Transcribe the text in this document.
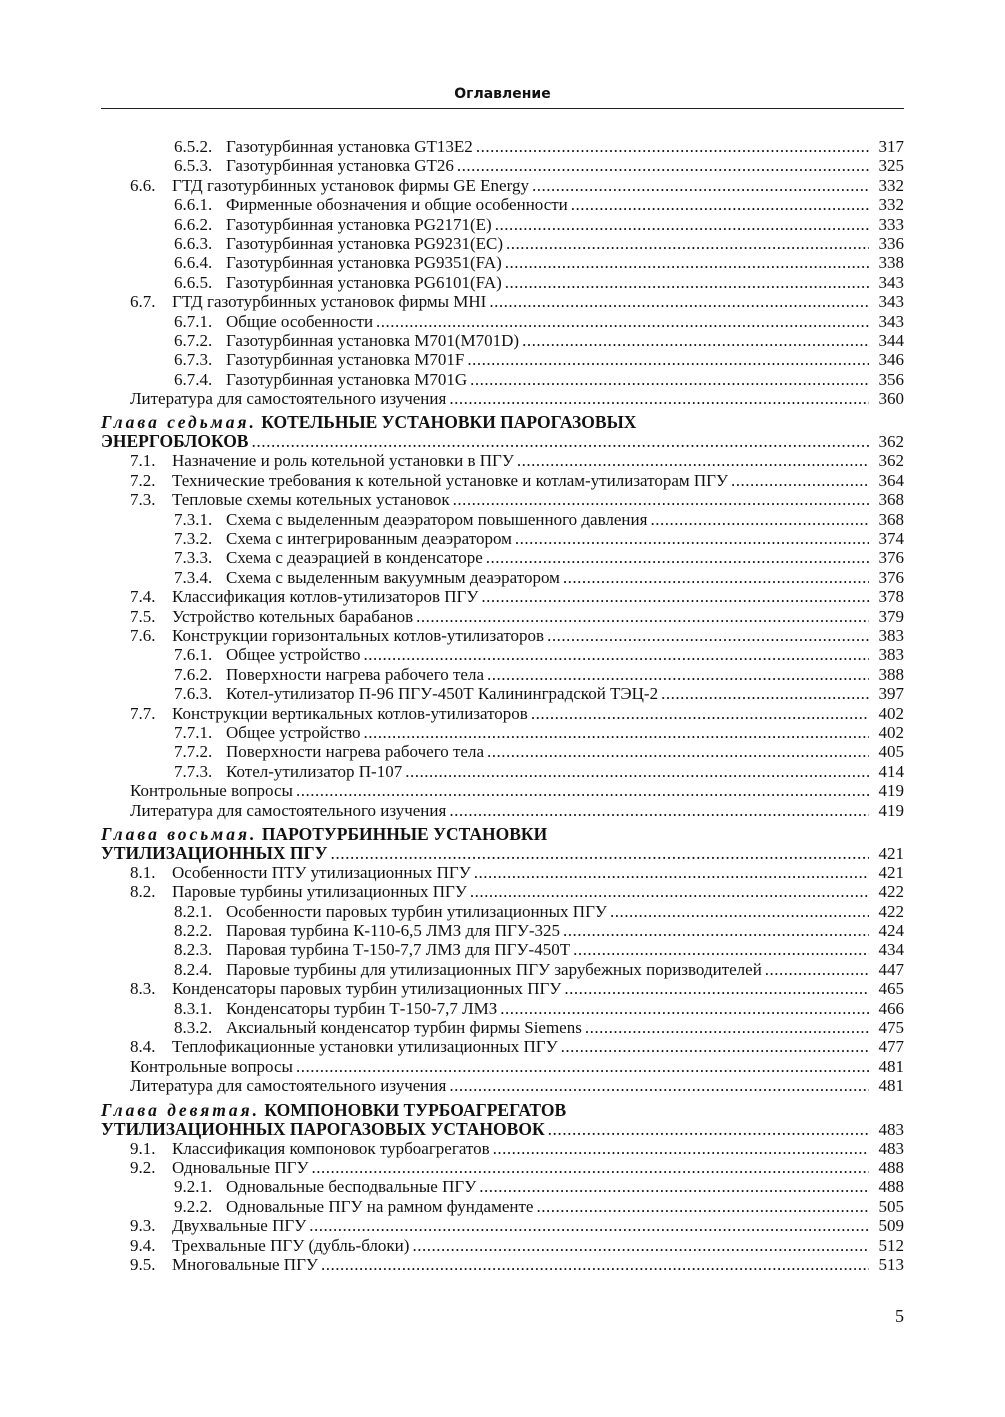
Оглавление
6.5.2. Газотурбинная установка GT13E2 .....	317
6.5.3. Газотурбинная установка GT26 .....	325
6.6. ГТД газотурбинных установок фирмы GE Energy .....	332
6.6.1. Фирменные обозначения и общие особенности .....	332
6.6.2. Газотурбинная установка PG2171(E) .....	333
6.6.3. Газотурбинная установка PG9231(EC) .....	336
6.6.4. Газотурбинная установка PG9351(FA) .....	338
6.6.5. Газотурбинная установка PG6101(FA) .....	343
6.7. ГТД газотурбинных установок фирмы MHI .....	343
6.7.1. Общие особенности .....	343
6.7.2. Газотурбинная установка M701(M701D) .....	344
6.7.3. Газотурбинная установка M701F .....	346
6.7.4. Газотурбинная установка M701G .....	356
Литература для самостоятельного изучения .....	360
Глава седьмая. КОТЕЛЬНЫЕ УСТАНОВКИ ПАРОГАЗОВЫХ
ЭНЕРГОБЛОКОВ .....	362
7.1. Назначение и роль котельной установки в ПГУ .....	362
7.2. Технические требования к котельной установке и котлам-утилизаторам ПГУ .....	364
7.3. Тепловые схемы котельных установок .....	368
7.3.1. Схема с выделенным деаэратором повышенного давления .....	368
7.3.2. Схема с интегрированным деаэратором .....	374
7.3.3. Схема с деаэрацией в конденсаторе .....	376
7.3.4. Схема с выделенным вакуумным деаэратором .....	376
7.4. Классификация котлов-утилизаторов ПГУ .....	378
7.5. Устройство котельных барабанов .....	379
7.6. Конструкции горизонтальных котлов-утилизаторов .....	383
7.6.1. Общее устройство .....	383
7.6.2. Поверхности нагрева рабочего тела .....	388
7.6.3. Котел-утилизатор П-96 ПГУ-450Т Калининградской ТЭЦ-2 .....	397
7.7. Конструкции вертикальных котлов-утилизаторов .....	402
7.7.1. Общее устройство .....	402
7.7.2. Поверхности нагрева рабочего тела .....	405
7.7.3. Котел-утилизатор П-107 .....	414
Контрольные вопросы .....	419
Литература для самостоятельного изучения .....	419
Глава восьмая. ПАРОТУРБИННЫЕ УСТАНОВКИ
УТИЛИЗАЦИОННЫХ ПГУ .....	421
8.1. Особенности ПТУ утилизационных ПГУ .....	421
8.2. Паровые турбины утилизационных ПГУ .....	422
8.2.1. Особенности паровых турбин утилизационных ПГУ .....	422
8.2.2. Паровая турбина К-110-6,5 ЛМЗ для ПГУ-325 .....	424
8.2.3. Паровая турбина Т-150-7,7 ЛМЗ для ПГУ-450Т .....	434
8.2.4. Паровые турбины для утилизационных ПГУ зарубежных поризводителей .....	447
8.3. Конденсаторы паровых турбин утилизационных ПГУ .....	465
8.3.1. Конденсаторы турбин Т-150-7,7 ЛМЗ .....	466
8.3.2. Аксиальный конденсатор турбин фирмы Siemens .....	475
8.4. Теплофикационные установки утилизационных ПГУ .....	477
Контрольные вопросы .....	481
Литература для самостоятельного изучения .....	481
Глава девятая. КОМПОНОВКИ ТУРБОАГРЕГАТОВ
УТИЛИЗАЦИОННЫХ ПАРОГАЗОВЫХ УСТАНОВОК .....	483
9.1. Классификация компоновок турбоагрегатов .....	483
9.2. Одновальные ПГУ .....	488
9.2.1. Одновальные бесподвальные ПГУ .....	488
9.2.2. Одновальные ПГУ на рамном фундаменте .....	505
9.3. Двухвальные ПГУ .....	509
9.4. Трехвальные ПГУ (дубль-блоки) .....	512
9.5. Многовальные ПГУ .....	513
5
